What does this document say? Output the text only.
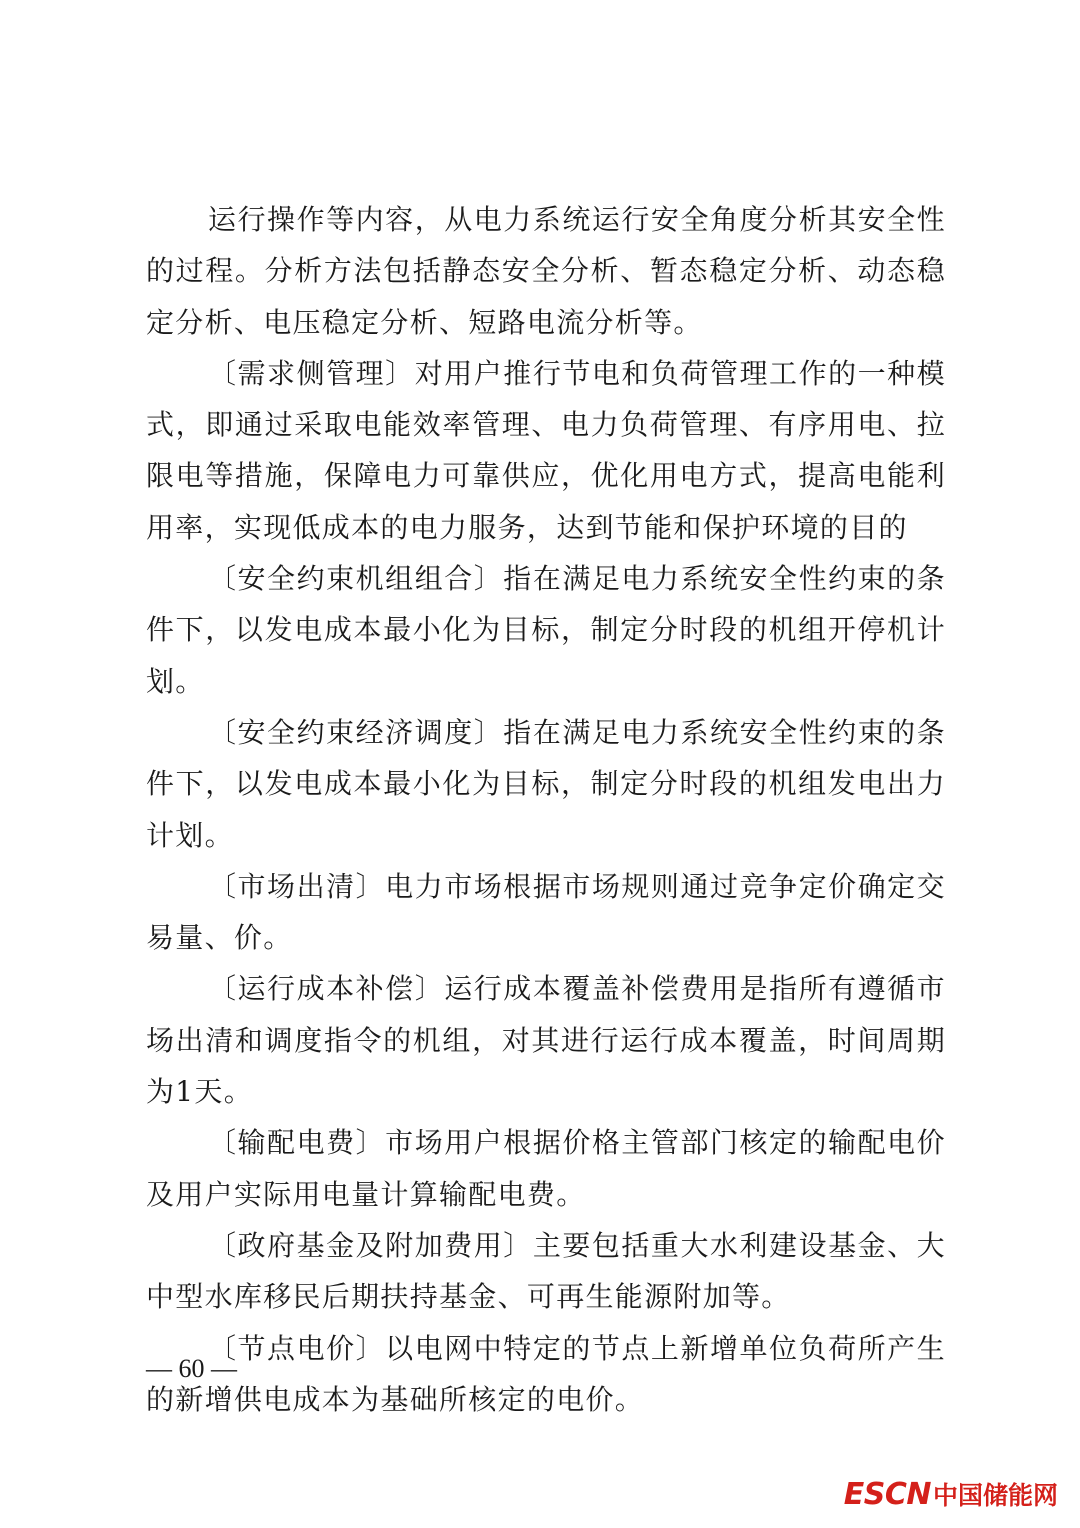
运行操作等内容，从电力系统运行安全角度分析其安全性的过程。分析方法包括静态安全分析、暂态稳定分析、动态稳定分析、电压稳定分析、短路电流分析等。

〔需求侧管理〕对用户推行节电和负荷管理工作的一种模式，即通过采取电能效率管理、电力负荷管理、有序用电、拉限电等措施，保障电力可靠供应，优化用电方式，提高电能利用率，实现低成本的电力服务，达到节能和保护环境的目的

〔安全约束机组组合〕指在满足电力系统安全性约束的条件下，以发电成本最小化为目标，制定分时段的机组开停机计划。

〔安全约束经济调度〕指在满足电力系统安全性约束的条件下，以发电成本最小化为目标，制定分时段的机组发电出力计划。

〔市场出清〕电力市场根据市场规则通过竞争定价确定交易量、价。

〔运行成本补偿〕运行成本覆盖补偿费用是指所有遵循市场出清和调度指令的机组，对其进行运行成本覆盖，时间周期为1天。

〔输配电费〕市场用户根据价格主管部门核定的输配电价及用户实际用电量计算输配电费。

〔政府基金及附加费用〕主要包括重大水利建设基金、大中型水库移民后期扶持基金、可再生能源附加等。

〔节点电价〕以电网中特定的节点上新增单位负荷所产生的新增供电成本为基础所核定的电价。

— 60 —
ESCN 中国储能网
